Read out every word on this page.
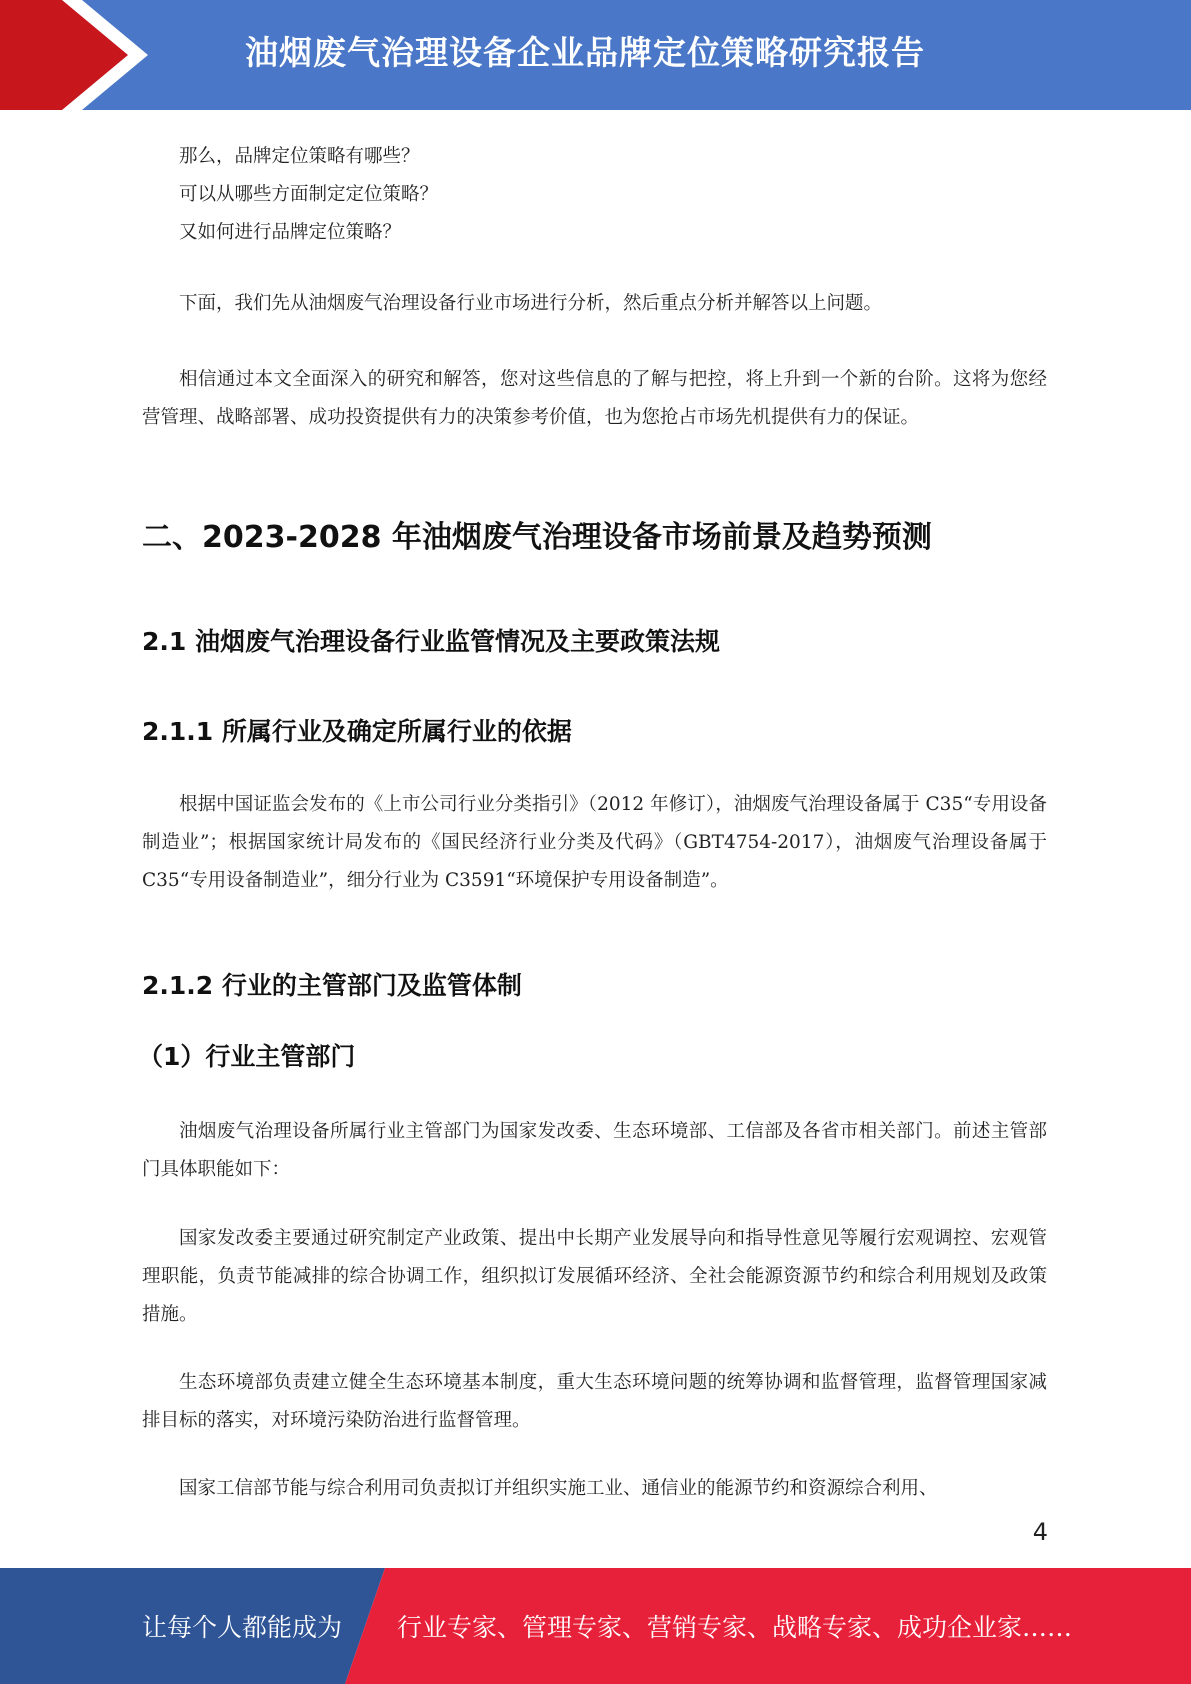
油烟废气治理设备企业品牌定位策略研究报告

那么，品牌定位策略有哪些？

可以从哪些方面制定定位策略？

又如何进行品牌定位策略？

下面，我们先从油烟废气治理设备行业市场进行分析，然后重点分析并解答以上问题。

相信通过本文全面深入的研究和解答，您对这些信息的了解与把控，将上升到一个新的台阶。这将为您经营管理、战略部署、成功投资提供有力的决策参考价值，也为您抢占市场先机提供有力的保证。

二、2023-2028 年油烟废气治理设备市场前景及趋势预测
2.1 油烟废气治理设备行业监管情况及主要政策法规
2.1.1 所属行业及确定所属行业的依据

根据中国证监会发布的《上市公司行业分类指引》（2012 年修订），油烟废气治理设备属于 C35“专用设备制造业”；根据国家统计局发布的《国民经济行业分类及代码》（GBT4754-2017），油烟废气治理设备属于 C35“专用设备制造业”，细分行业为 C3591“环境保护专用设备制造”。

2.1.2 行业的主管部门及监管体制
（1）行业主管部门

油烟废气治理设备所属行业主管部门为国家发改委、生态环境部、工信部及各省市相关部门。前述主管部门具体职能如下：

国家发改委主要通过研究制定产业政策、提出中长期产业发展导向和指导性意见等履行宏观调控、宏观管理职能，负责节能减排的综合协调工作，组织拟订发展循环经济、全社会能源资源节约和综合利用规划及政策措施。

生态环境部负责建立健全生态环境基本制度，重大生态环境问题的统筹协调和监督管理，监督管理国家减排目标的落实，对环境污染防治进行监督管理。

国家工信部节能与综合利用司负责拟订并组织实施工业、通信业的能源节约和资源综合利用、

4
让每个人都能成为 行业专家、管理专家、营销专家、战略专家、成功企业家……
